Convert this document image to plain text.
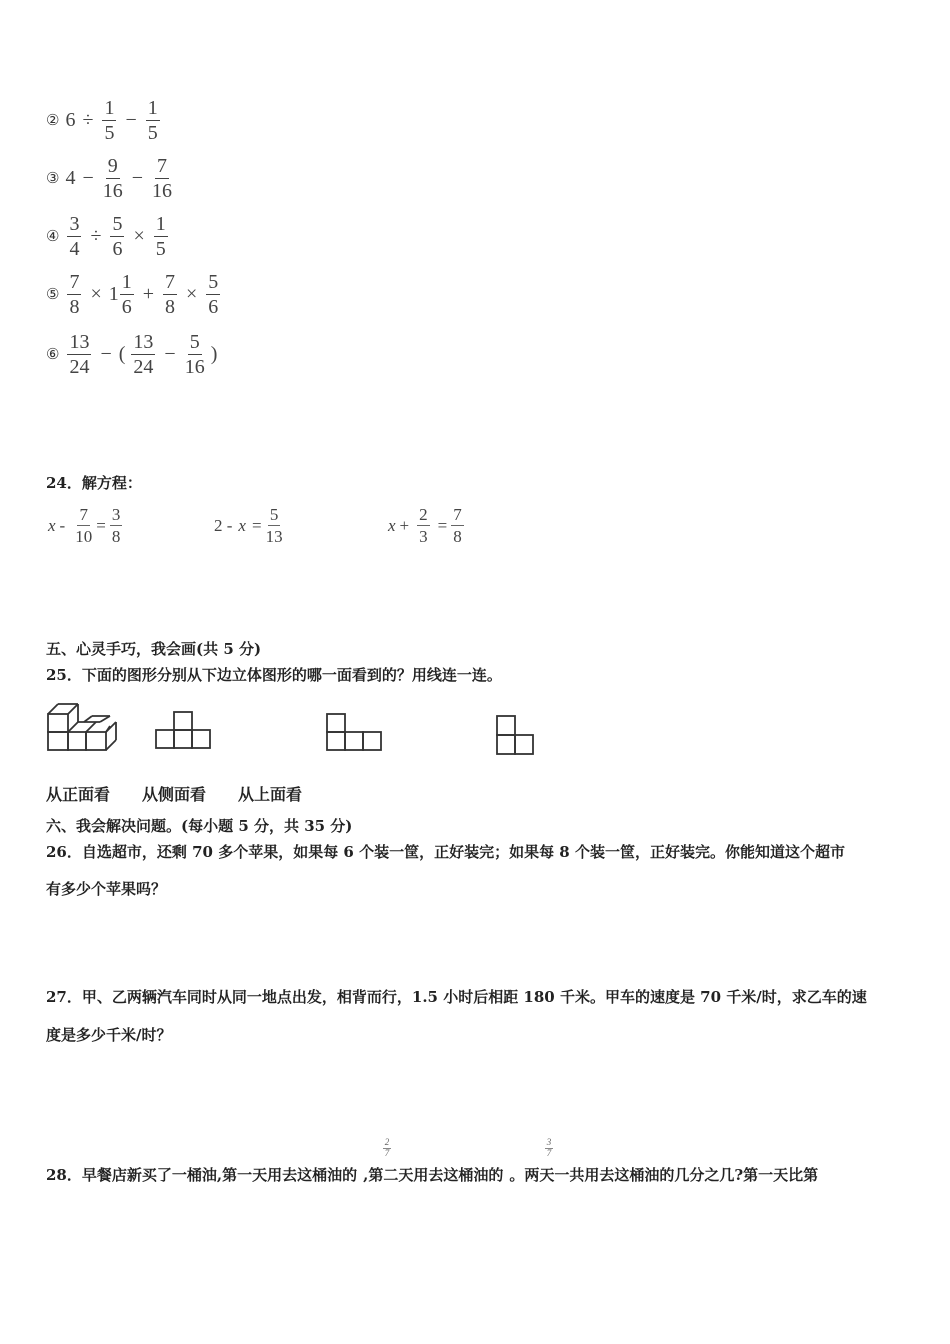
② $6 \div \frac{1}{5} - \frac{1}{5}$
③ $4 - \frac{9}{16} - \frac{7}{16}$
④ $\frac{3}{4} \div \frac{5}{6} \times \frac{1}{5}$
⑤ $\frac{7}{8} \times 1 \frac{1}{6} + \frac{7}{8} \times \frac{5}{6}$
⑥ $\frac{13}{24}$ − ( $\frac{13}{24} - \frac{5}{16}$ )
24．解方程：
$x - \frac{7}{10} = \frac{3}{8}$	$2 - x = \frac{5}{13}$	$x + \frac{2}{3} = \frac{7}{8}$
五、心灵手巧，我会画(共 5 分)
25．下面的图形分别从下边立体图形的哪一面看到的？用线连一连。
从正面看 从侧面看 从上面看
六、我会解决问题。(每小题 5 分，共 35 分)
26．自选超市，还剩 70 多个苹果，如果每 6 个装一筐，正好装完；如果每 8 个装一筐，正好装完。你能知道这个超市
有多少个苹果吗？
27．甲、乙两辆汽车同时从同一地点出发，相背而行，1.5 小时后相距 180 千米。甲车的速度是 70 千米/时，求乙车的速
度是多少千米/时？
28．早餐店新买了一桶油,第一天用去这桶油的 ,第二天用去这桶油的 。两天一共用去这桶油的几分之几?第一天比第
2
7
3
7
